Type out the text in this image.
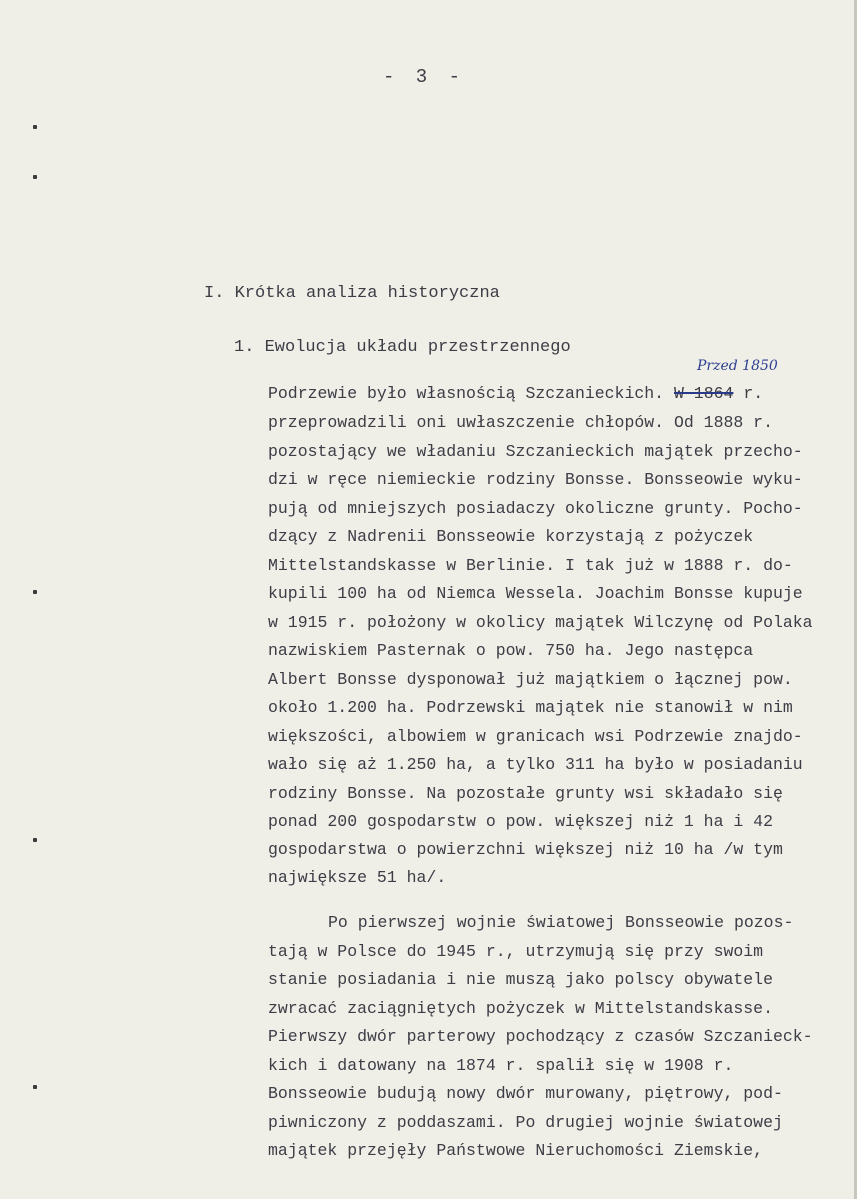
- 3 -
I. Krótka analiza historyczna
1. Ewolucja układu przestrzennego
Przed 1850
Podrzewie było własnością Szczanieckich. W 1864 r.
przeprowadzili oni uwłaszczenie chłopów. Od 1888 r.
pozostający we władaniu Szczanieckich majątek przecho-
dzi w ręce niemieckie rodziny Bonsse. Bonsseowie wyku-
pują od mniejszych posiadaczy okoliczne grunty. Pocho-
dzący z Nadrenii Bonsseowie korzystają z pożyczek
Mittelstandskasse w Berlinie. I tak już w 1888 r. do-
kupili 100 ha od Niemca Wessela. Joachim Bonsse kupuje
w 1915 r. położony w okolicy majątek Wilczynę od Polaka
nazwiskiem Pasternak o pow. 750 ha. Jego następca
Albert Bonsse dysponował już majątkiem o łącznej pow.
około 1.200 ha. Podrzewski majątek nie stanowił w nim
większości, albowiem w granicach wsi Podrzewie znajdo-
wało się aż 1.250 ha, a tylko 311 ha było w posiadaniu
rodziny Bonsse. Na pozostałe grunty wsi składało się
ponad 200 gospodarstw o pow. większej niż 1 ha i 42
gospodarstwa o powierzchni większej niż 10 ha /w tym
największe 51 ha/.
Po pierwszej wojnie światowej Bonsseowie pozos-
tają w Polsce do 1945 r., utrzymują się przy swoim
stanie posiadania i nie muszą jako polscy obywatele
zwracać zaciągniętych pożyczek w Mittelstandskasse.
Pierwszy dwór parterowy pochodzący z czasów Szczanieck-
kich i datowany na 1874 r. spalił się w 1908 r.
Bonsseowie budują nowy dwór murowany, piętrowy, pod-
piwniczony z poddaszami. Po drugiej wojnie światowej
majątek przejęły Państwowe Nieruchomości Ziemskie,
